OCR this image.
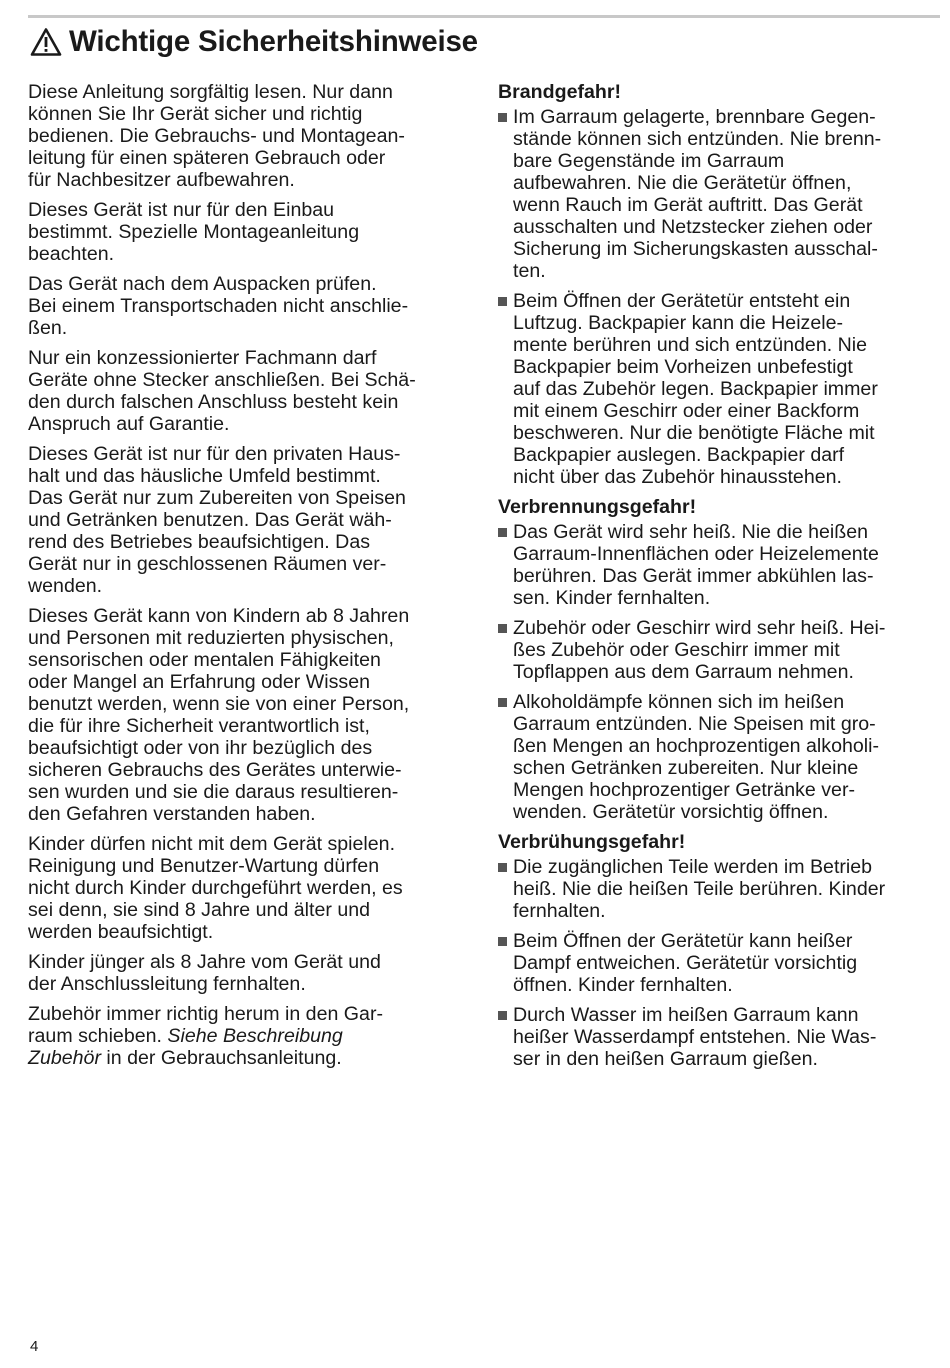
Wichtige Sicherheitshinweise

Diese Anleitung sorgfältig lesen. Nur dann
können Sie Ihr Gerät sicher und richtig
bedienen. Die Gebrauchs- und Montagean-
leitung für einen späteren Gebrauch oder
für Nachbesitzer aufbewahren.

Dieses Gerät ist nur für den Einbau
bestimmt. Spezielle Montageanleitung
beachten.

Das Gerät nach dem Auspacken prüfen.
Bei einem Transportschaden nicht anschlie-
ßen.

Nur ein konzessionierter Fachmann darf
Geräte ohne Stecker anschließen. Bei Schä-
den durch falschen Anschluss besteht kein
Anspruch auf Garantie.

Dieses Gerät ist nur für den privaten Haus-
halt und das häusliche Umfeld bestimmt.
Das Gerät nur zum Zubereiten von Speisen
und Getränken benutzen. Das Gerät wäh-
rend des Betriebes beaufsichtigen. Das
Gerät nur in geschlossenen Räumen ver-
wenden.

Dieses Gerät kann von Kindern ab 8 Jahren
und Personen mit reduzierten physischen,
sensorischen oder mentalen Fähigkeiten
oder Mangel an Erfahrung oder Wissen
benutzt werden, wenn sie von einer Person,
die für ihre Sicherheit verantwortlich ist,
beaufsichtigt oder von ihr bezüglich des
sicheren Gebrauchs des Gerätes unterwie-
sen wurden und sie die daraus resultieren-
den Gefahren verstanden haben.

Kinder dürfen nicht mit dem Gerät spielen.
Reinigung und Benutzer-Wartung dürfen
nicht durch Kinder durchgeführt werden, es
sei denn, sie sind 8 Jahre und älter und
werden beaufsichtigt.

Kinder jünger als 8 Jahre vom Gerät und
der Anschlussleitung fernhalten.

Zubehör immer richtig herum in den Gar-
raum schieben. Siehe Beschreibung
Zubehör in der Gebrauchsanleitung.

Brandgefahr!

Im Garraum gelagerte, brennbare Gegen-
stände können sich entzünden. Nie brenn-
bare Gegenstände im Garraum
aufbewahren. Nie die Gerätetür öffnen,
wenn Rauch im Gerät auftritt. Das Gerät
ausschalten und Netzstecker ziehen oder
Sicherung im Sicherungskasten ausschal-
ten.
Beim Öffnen der Gerätetür entsteht ein
Luftzug. Backpapier kann die Heizele-
mente berühren und sich entzünden. Nie
Backpapier beim Vorheizen unbefestigt
auf das Zubehör legen. Backpapier immer
mit einem Geschirr oder einer Backform
beschweren. Nur die benötigte Fläche mit
Backpapier auslegen. Backpapier darf
nicht über das Zubehör hinausstehen.

Verbrennungsgefahr!

Das Gerät wird sehr heiß. Nie die heißen
Garraum-Innenflächen oder Heizelemente
berühren. Das Gerät immer abkühlen las-
sen. Kinder fernhalten.
Zubehör oder Geschirr wird sehr heiß. Hei-
ßes Zubehör oder Geschirr immer mit
Topflappen aus dem Garraum nehmen.
Alkoholdämpfe können sich im heißen
Garraum entzünden. Nie Speisen mit gro-
ßen Mengen an hochprozentigen alkoholi-
schen Getränken zubereiten. Nur kleine
Mengen hochprozentiger Getränke ver-
wenden. Gerätetür vorsichtig öffnen.

Verbrühungsgefahr!

Die zugänglichen Teile werden im Betrieb
heiß. Nie die heißen Teile berühren. Kinder
fernhalten.
Beim Öffnen der Gerätetür kann heißer
Dampf entweichen. Gerätetür vorsichtig
öffnen. Kinder fernhalten.
Durch Wasser im heißen Garraum kann
heißer Wasserdampf entstehen. Nie Was-
ser in den heißen Garraum gießen.
4
